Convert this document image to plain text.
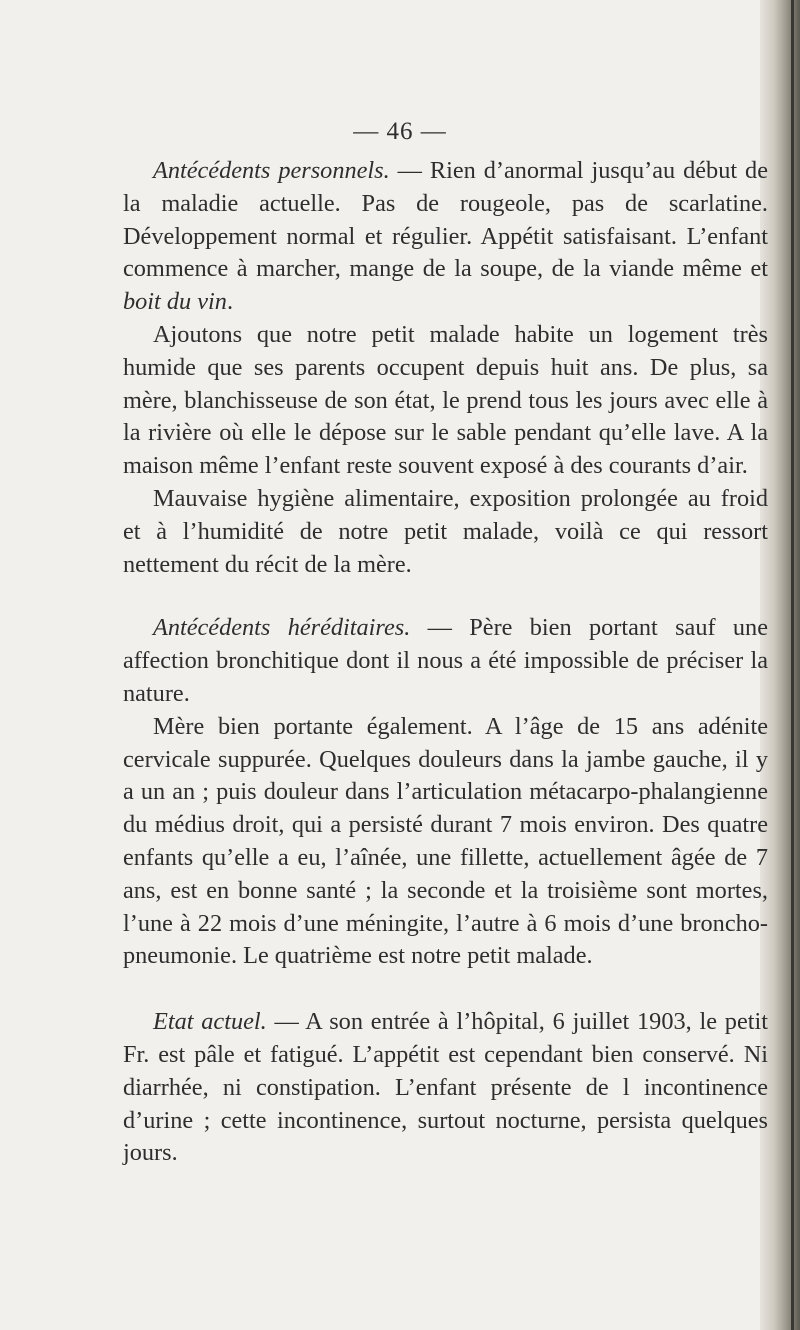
— 46 —

Antécédents personnels. — Rien d’anormal jusqu’au début de la maladie actuelle. Pas de rougeole, pas de scarlatine. Développement normal et régulier. Appétit satisfaisant. L’enfant commence à marcher, mange de la soupe, de la viande même et boit du vin.

Ajoutons que notre petit malade habite un logement très humide que ses parents occupent depuis huit ans. De plus, sa mère, blanchisseuse de son état, le prend tous les jours avec elle à la rivière où elle le dépose sur le sable pendant qu’elle lave. A la maison même l’enfant reste souvent exposé à des courants d’air.

Mauvaise hygiène alimentaire, exposition prolongée au froid et à l’humidité de notre petit malade, voilà ce qui ressort nettement du récit de la mère.

Antécédents héréditaires. — Père bien portant sauf une affection bronchitique dont il nous a été impossible de préciser la nature.

Mère bien portante également. A l’âge de 15 ans adénite cervicale suppurée. Quelques douleurs dans la jambe gauche, il y a un an ; puis douleur dans l’articulation métacarpo-phalangienne du médius droit, qui a persisté durant 7 mois environ. Des quatre enfants qu’elle a eu, l’aînée, une fillette, actuellement âgée de 7 ans, est en bonne santé ; la seconde et la troisième sont mortes, l’une à 22 mois d’une méningite, l’autre à 6 mois d’une broncho-pneumonie. Le quatrième est notre petit malade.

Etat actuel. — A son entrée à l’hôpital, 6 juillet 1903, le petit Fr. est pâle et fatigué. L’appétit est cependant bien conservé. Ni diarrhée, ni constipation. L’enfant présente de l incontinence d’urine ; cette incontinence, surtout nocturne, persista quelques jours.
